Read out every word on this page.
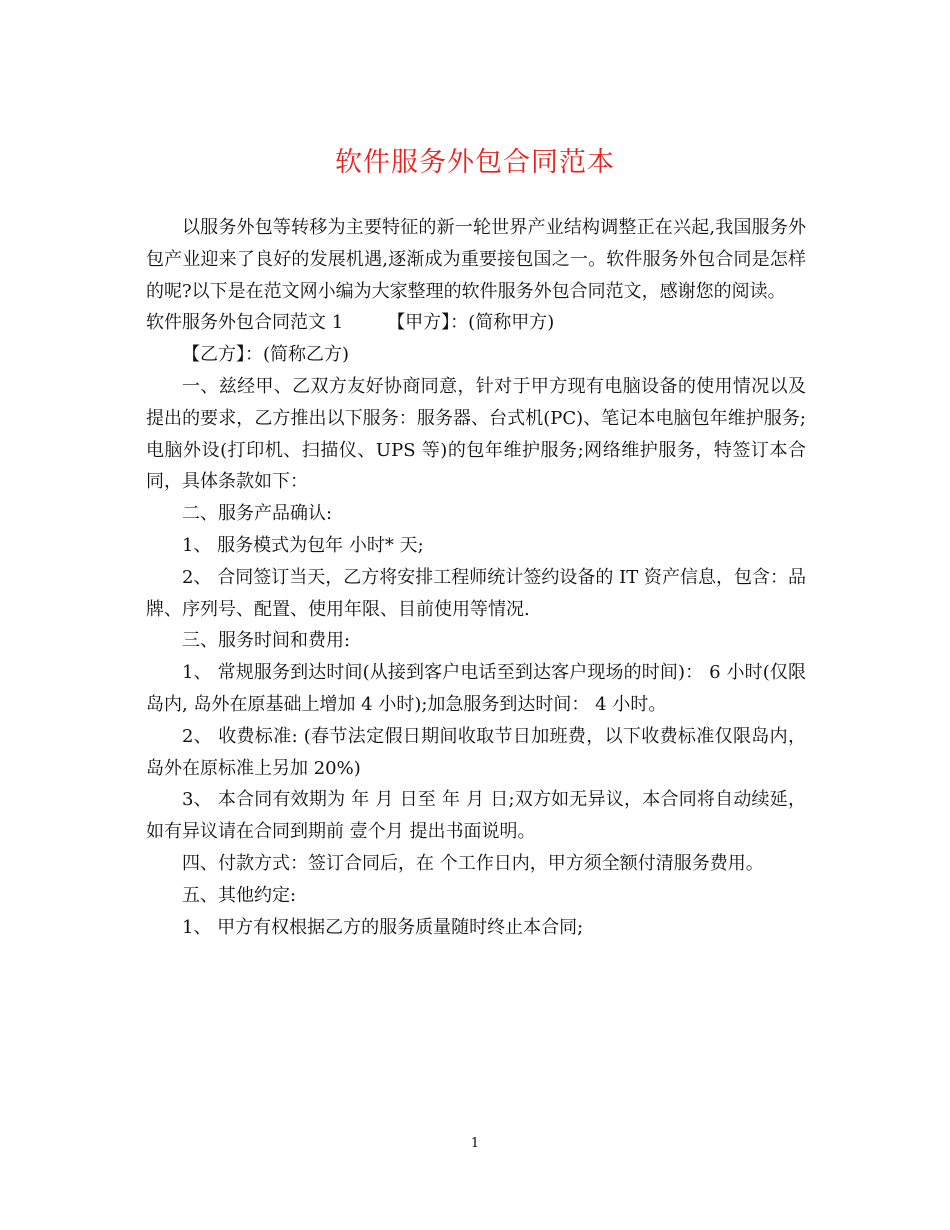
软件服务外包合同范本

以服务外包等转移为主要特征的新一轮世界产业结构调整正在兴起,我国服务外包产业迎来了良好的发展机遇,逐渐成为重要接包国之一。软件服务外包合同是怎样的呢?以下是在范文网小编为大家整理的软件服务外包合同范文，感谢您的阅读。

软件服务外包合同范文 1 【甲方】：(简称甲方)

【乙方】：(简称乙方)

一、兹经甲、乙双方友好协商同意，针对于甲方现有电脑设备的使用情况以及提出的要求，乙方推出以下服务：服务器、台式机(PC)、笔记本电脑包年维护服务;电脑外设(打印机、扫描仪、UPS 等)的包年维护服务;网络维护服务，特签订本合同，具体条款如下：

二、服务产品确认:

1、 服务模式为包年 小时* 天;

2、 合同签订当天，乙方将安排工程师统计签约设备的 IT 资产信息，包含：品牌、序列号、配置、使用年限、目前使用等情况.

三、服务时间和费用:

1、 常规服务到达时间(从接到客户电话至到达客户现场的时间)： 6 小时(仅限岛内, 岛外在原基础上增加 4 小时);加急服务到达时间： 4 小时。

2、 收费标准: (春节法定假日期间收取节日加班费，以下收费标准仅限岛内，岛外在原标准上另加 20%)

3、 本合同有效期为 年 月 日至 年 月 日;双方如无异议，本合同将自动续延，如有异议请在合同到期前 壹个月 提出书面说明。

四、付款方式：签订合同后，在 个工作日内，甲方须全额付清服务费用。

五、其他约定:

1、 甲方有权根据乙方的服务质量随时终止本合同;

1
